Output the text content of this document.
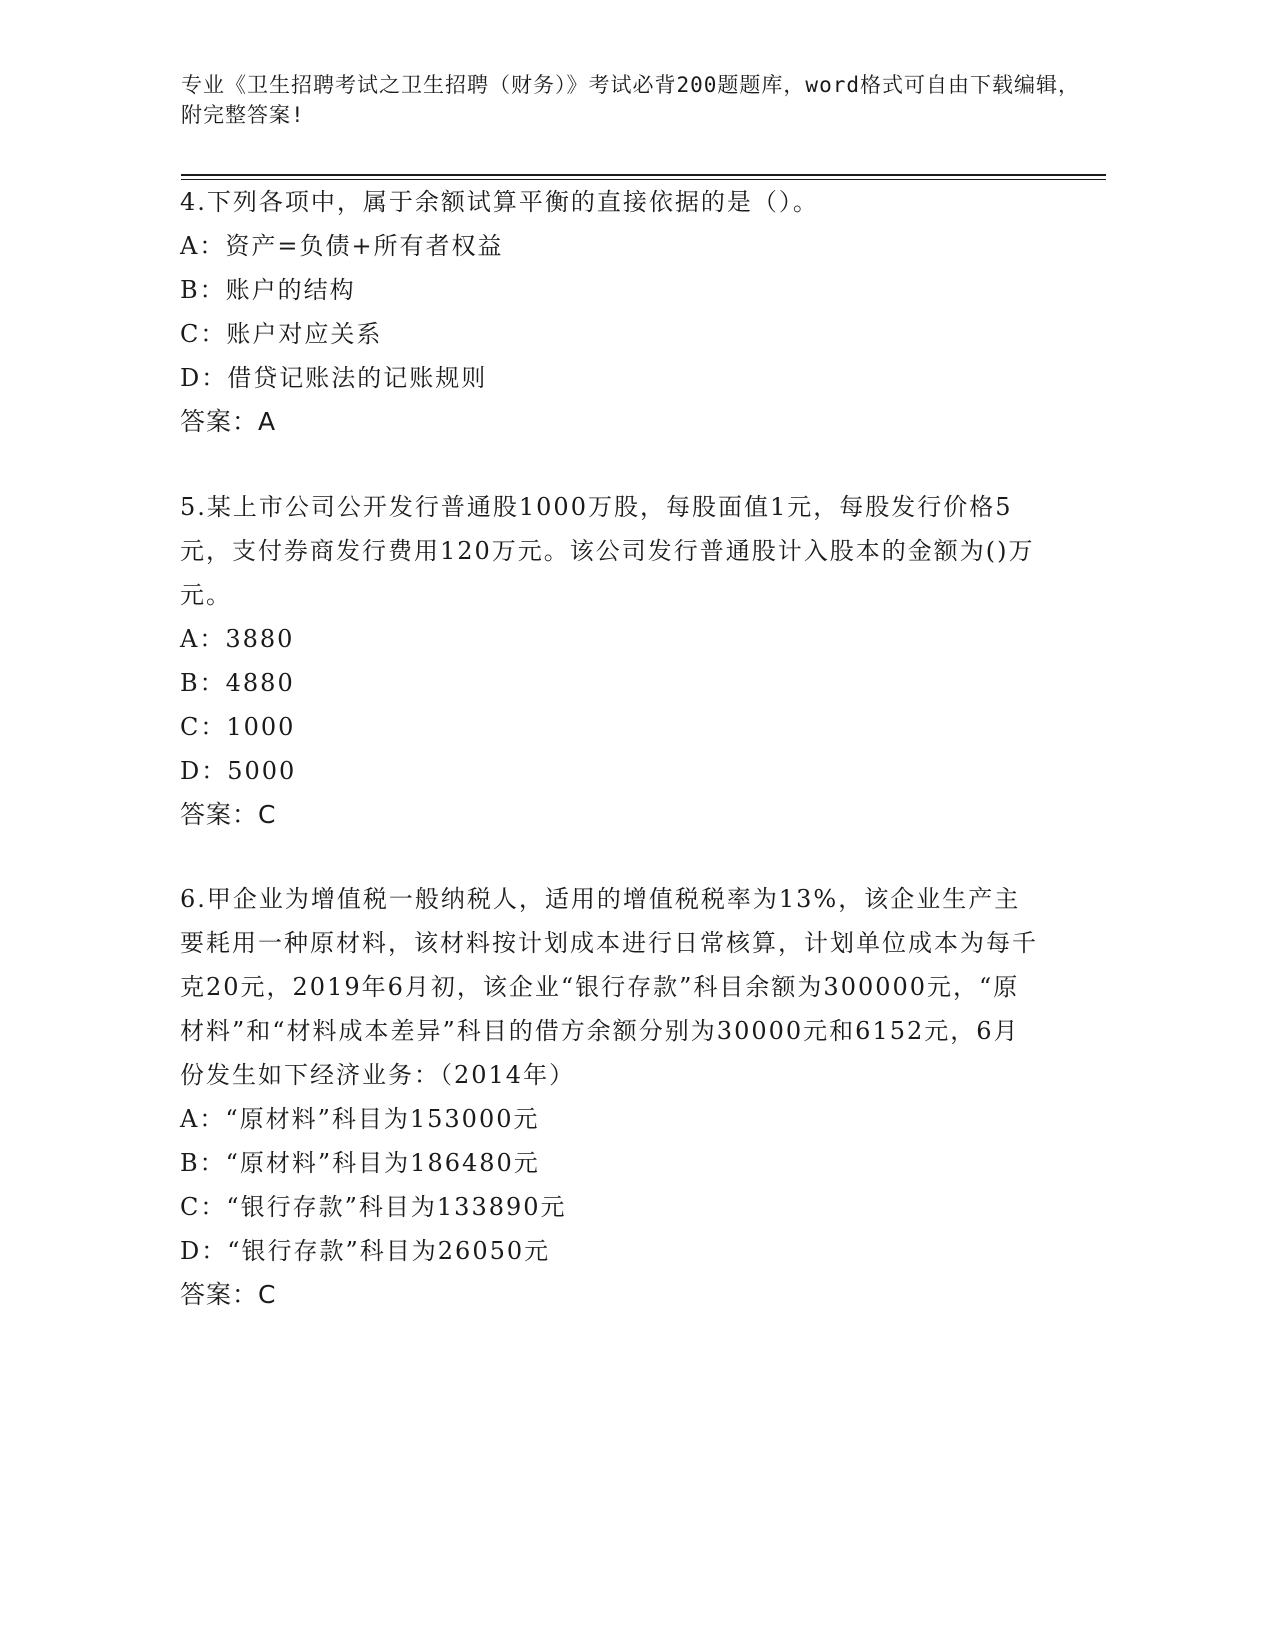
专业《卫生招聘考试之卫生招聘（财务）》考试必背200题题库，word格式可自由下载编辑，附完整答案!

4.下列各项中，属于余额试算平衡的直接依据的是（）。

A：资产=负债+所有者权益

B：账户的结构

C：账户对应关系

D：借贷记账法的记账规则

答案：A

5.某上市公司公开发行普通股1000万股，每股面值1元，每股发行价格5元，支付券商发行费用120万元。该公司发行普通股计入股本的金额为()万元。

A：3880

B：4880

C：1000

D：5000

答案：C

6.甲企业为增值税一般纳税人，适用的增值税税率为13%，该企业生产主要耗用一种原材料，该材料按计划成本进行日常核算，计划单位成本为每千克20元，2019年6月初，该企业“银行存款”科目余额为300000元，“原材料”和“材料成本差异”科目的借方余额分别为30000元和6152元，6月份发生如下经济业务：（2014年）

A：“原材料”科目为153000元

B：“原材料”科目为186480元

C：“银行存款”科目为133890元

D：“银行存款”科目为26050元

答案：C
